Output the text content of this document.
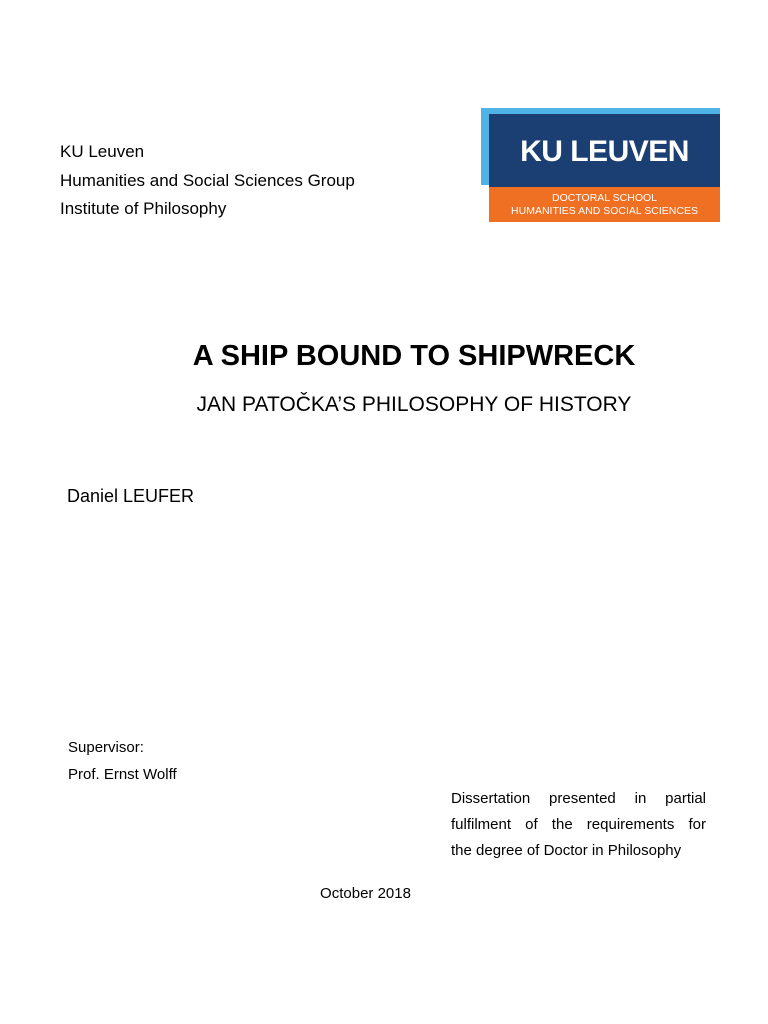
KU Leuven
Humanities and Social Sciences Group
Institute of Philosophy
KU LEUVEN
DOCTORAL SCHOOL
HUMANITIES AND SOCIAL SCIENCES
A SHIP BOUND TO SHIPWRECK
JAN PATOČKA’S PHILOSOPHY OF HISTORY
Daniel LEUFER
Supervisor:
Prof. Ernst Wolff
Dissertation presented in partial
fulfilment of the requirements for
the degree of Doctor in Philosophy
October 2018
